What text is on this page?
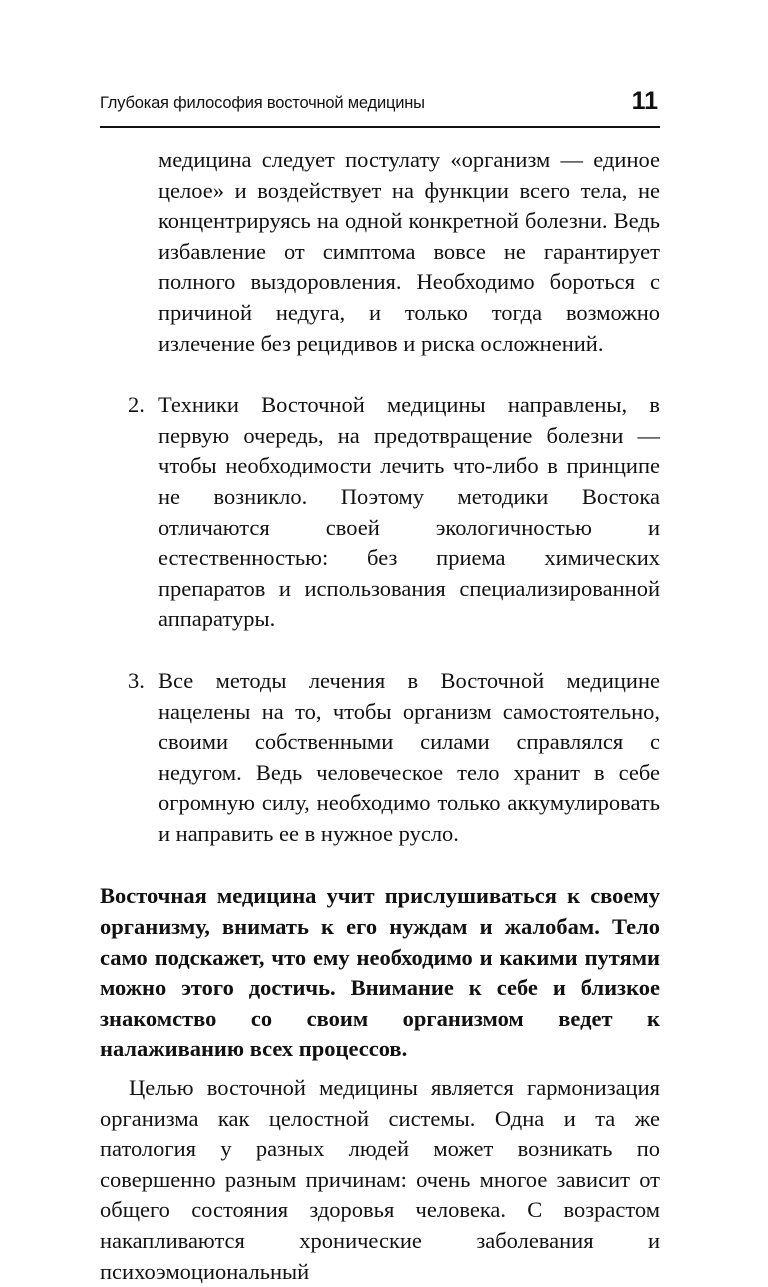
Глубокая философия восточной медицины	11

медицина следует постулату «организм — единое целое» и воздействует на функции всего тела, не концентрируясь на одной конкретной болезни. Ведь избавление от симптома вовсе не гарантирует полного выздоровления. Необходимо бороться с причиной недуга, и только тогда возможно излечение без рецидивов и риска осложнений.

2. Техники Восточной медицины направлены, в первую очередь, на предотвращение болезни — чтобы необходимости лечить что-либо в принципе не возникло. Поэтому методики Востока отличаются своей экологичностью и естественностью: без приема химических препаратов и использования специализированной аппаратуры.

3. Все методы лечения в Восточной медицине нацелены на то, чтобы организм самостоятельно, своими собственными силами справлялся с недугом. Ведь человеческое тело хранит в себе огромную силу, необходимо только аккумулировать и направить ее в нужное русло.

Восточная медицина учит прислушиваться к своему организму, внимать к его нуждам и жалобам. Тело само подскажет, что ему необходимо и какими путями можно этого достичь. Внимание к себе и близкое знакомство со своим организмом ведет к налаживанию всех процессов.

Целью восточной медицины является гармонизация организма как целостной системы. Одна и та же патология у разных людей может возникать по совершенно разным причинам: очень многое зависит от общего состояния здоровья человека. С возрастом накапливаются хронические заболевания и психоэмоциональный
